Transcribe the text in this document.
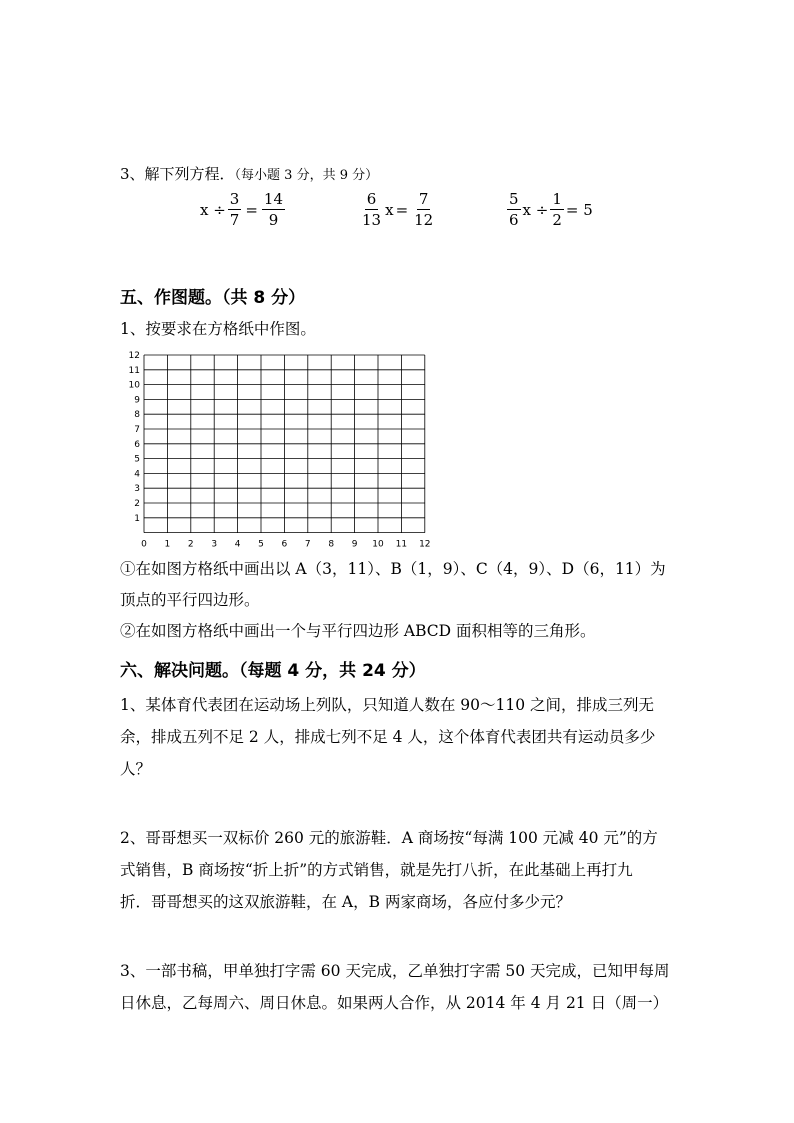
3、解下列方程．（每小题 3 分，共 9 分）
$x \div \frac{3}{7} = \frac{14}{9}$	$\frac{6}{13}$ $x = \frac{7}{12}$	$\frac{5}{6}$ $x \div \frac{1}{2} = 5$
五、作图题。（共 8 分）
1、按要求在方格纸中作图。
0 1 2 3 4 5 6 7 8 9 10 11 12
1
2
3
4
5
6
7
8
9
10
11
12
①在如图方格纸中画出以 A（3，11）、B（1，9）、C（4，9）、D（6，11）为
顶点的平行四边形。
②在如图方格纸中画出一个与平行四边形 ABCD 面积相等的三角形。
六、解决问题。（每题 4 分，共 24 分）
1、某体育代表团在运动场上列队，只知道人数在 90～110 之间，排成三列无
余，排成五列不足 2 人，排成七列不足 4 人，这个体育代表团共有运动员多少
人？
2、哥哥想买一双标价 260 元的旅游鞋．A 商场按“每满 100 元减 40 元”的方
式销售，B 商场按“折上折”的方式销售，就是先打八折，在此基础上再打九
折．哥哥想买的这双旅游鞋，在 A，B 两家商场，各应付多少元？
3、一部书稿，甲单独打字需 60 天完成，乙单独打字需 50 天完成，已知甲每周
日休息，乙每周六、周日休息。如果两人合作，从 2014 年 4 月 21 日（周一）
